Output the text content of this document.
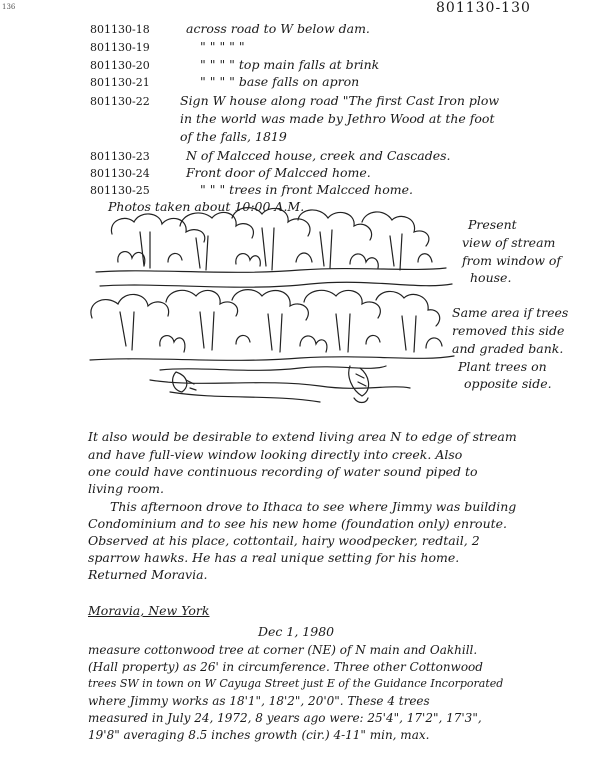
136	801130-130
801130-18	across road to W below dam.
801130-19	" " " " "
801130-20	" " " " top main falls at brink
801130-21	" " " " base falls on apron
801130-22 Sign W house along road "The first Cast Iron plow
in the world was made by Jethro Wood at the foot
of the falls, 1819
801130-23	N of Malcced house, creek and Cascades.
801130-24	Front door of Malcced home.
801130-25	" " " trees in front Malcced home.
Photos taken about 10:00 A.M.
Present
view of stream
from window of
house.
Same area if trees
removed this side
and graded bank.
Plant trees on
opposite side.
It also would be desirable to extend living area N to edge of stream
and have full-view window looking directly into creek. Also
one could have continuous recording of water sound piped to
living room.
This afternoon drove to Ithaca to see where Jimmy was building
Condominium and to see his new home (foundation only) enroute.
Observed at his place, cottontail, hairy woodpecker, redtail, 2
sparrow hawks. He has a real unique setting for his home.
Returned Moravia.
Moravia, New York
Dec 1, 1980
measure cottonwood tree at corner (NE) of N main and Oakhill.
(Hall property) as 26' in circumference. Three other Cottonwood
trees SW in town on W Cayuga Street just E of the Guidance Incorporated
where Jimmy works as 18'1", 18'2", 20'0". These 4 trees
measured in July 24, 1972, 8 years ago were: 25'4", 17'2", 17'3",
19'8" averaging 8.5 inches growth (cir.) 4-11" min, max.
